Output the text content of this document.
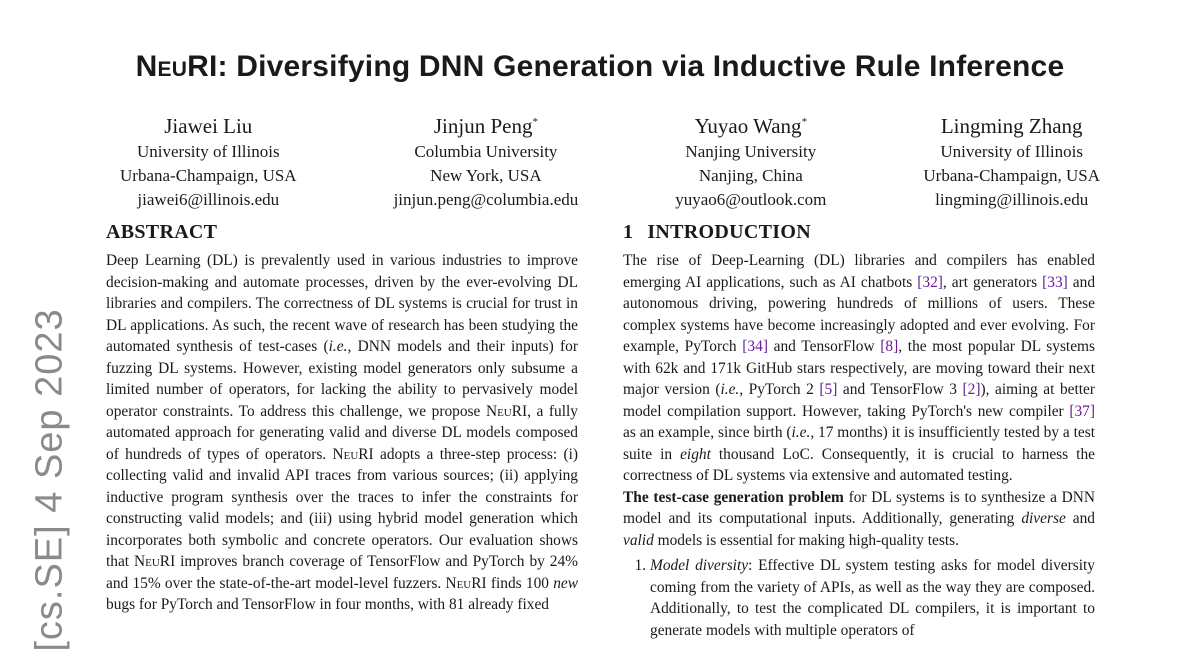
NeuRI: Diversifying DNN Generation via Inductive Rule Inference
Jiawei Liu
University of Illinois
Urbana-Champaign, USA
jiawei6@illinois.edu
Jinjun Peng*
Columbia University
New York, USA
jinjun.peng@columbia.edu
Yuyao Wang*
Nanjing University
Nanjing, China
yuyao6@outlook.com
Lingming Zhang
University of Illinois
Urbana-Champaign, USA
lingming@illinois.edu
[cs.SE] 4 Sep 2023
ABSTRACT

Deep Learning (DL) is prevalently used in various industries to improve decision-making and automate processes, driven by the ever-evolving DL libraries and compilers. The correctness of DL systems is crucial for trust in DL applications. As such, the recent wave of research has been studying the automated synthesis of test-cases (i.e., DNN models and their inputs) for fuzzing DL systems. However, existing model generators only subsume a limited number of operators, for lacking the ability to pervasively model operator constraints. To address this challenge, we propose NeuRI, a fully automated approach for generating valid and diverse DL models composed of hundreds of types of operators. NeuRI adopts a three-step process: (i) collecting valid and invalid API traces from various sources; (ii) applying inductive program synthesis over the traces to infer the constraints for constructing valid models; and (iii) using hybrid model generation which incorporates both symbolic and concrete operators. Our evaluation shows that NeuRI improves branch coverage of TensorFlow and PyTorch by 24% and 15% over the state-of-the-art model-level fuzzers. NeuRI finds 100 new bugs for PyTorch and TensorFlow in four months, with 81 already fixed

1 INTRODUCTION

The rise of Deep-Learning (DL) libraries and compilers has enabled emerging AI applications, such as AI chatbots [32], art generators [33] and autonomous driving, powering hundreds of millions of users. These complex systems have become increasingly adopted and ever evolving. For example, PyTorch [34] and TensorFlow [8], the most popular DL systems with 62k and 171k GitHub stars respectively, are moving toward their next major version (i.e., PyTorch 2 [5] and TensorFlow 3 [2]), aiming at better model compilation support. However, taking PyTorch's new compiler [37] as an example, since birth (i.e., 17 months) it is insufficiently tested by a test suite in eight thousand LoC. Consequently, it is crucial to harness the correctness of DL systems via extensive and automated testing.

The test-case generation problem for DL systems is to synthesize a DNN model and its computational inputs. Additionally, generating diverse and valid models is essential for making high-quality tests.

1. Model diversity: Effective DL system testing asks for model diversity coming from the variety of APIs, as well as the way they are composed. Additionally, to test the complicated DL compilers, it is important to generate models with multiple operators of
